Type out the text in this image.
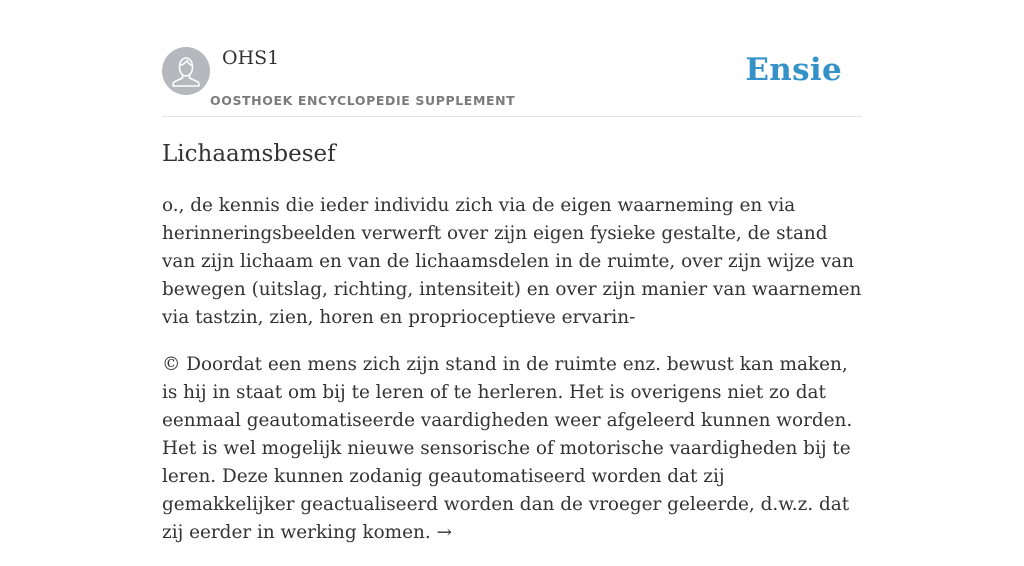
OHS1
OOSTHOEK ENCYCLOPEDIE SUPPLEMENT
Ensie
Lichaamsbesef

o., de kennis die ieder individu zich via de eigen waarneming en via herinneringsbeelden verwerft over zijn eigen fysieke gestalte, de stand van zijn lichaam en van de lichaamsdelen in de ruimte, over zijn wijze van bewegen (uitslag, richting, intensiteit) en over zijn manier van waarnemen via tastzin, zien, horen en proprioceptieve ervarin-

© Doordat een mens zich zijn stand in de ruimte enz. bewust kan maken, is hij in staat om bij te leren of te herleren. Het is overigens niet zo dat eenmaal geautomatiseerde vaardigheden weer afgeleerd kunnen worden. Het is wel mogelijk nieuwe sensorische of motorische vaardigheden bij te leren. Deze kunnen zodanig geautomatiseerd worden dat zij gemakkelijker geactualiseerd worden dan de vroeger geleerde, d.w.z. dat zij eerder in werking komen. →
